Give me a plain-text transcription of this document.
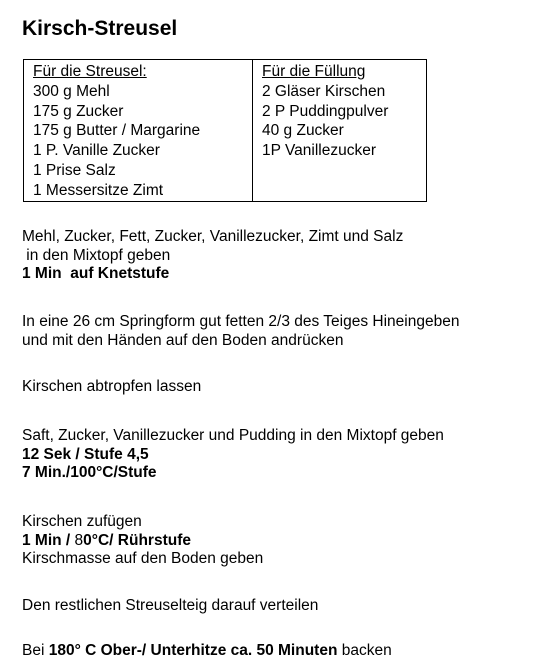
Kirsch-Streusel
Für die Streusel:
300 g Mehl
175 g Zucker
175 g Butter / Margarine
1 P. Vanille Zucker
1 Prise Salz
1 Messersitze Zimt

Für die Füllung
2 Gläser Kirschen
2 P Puddingpulver
40 g Zucker
1P Vanillezucker
Mehl, Zucker, Fett, Zucker, Vanillezucker, Zimt und Salz
in den Mixtopf geben
1 Min  auf Knetstufe
In eine 26 cm Springform gut fetten 2/3 des Teiges Hineingeben
und mit den Händen auf den Boden andrücken
Kirschen abtropfen lassen
Saft, Zucker, Vanillezucker und Pudding in den Mixtopf geben
12 Sek / Stufe 4,5
7 Min./100°C/Stufe
Kirschen zufügen
1 Min / 80°C/ Rührstufe
Kirschmasse auf den Boden geben
Den restlichen Streuselteig darauf verteilen
Bei 180° C Ober-/ Unterhitze ca. 50 Minuten backen
